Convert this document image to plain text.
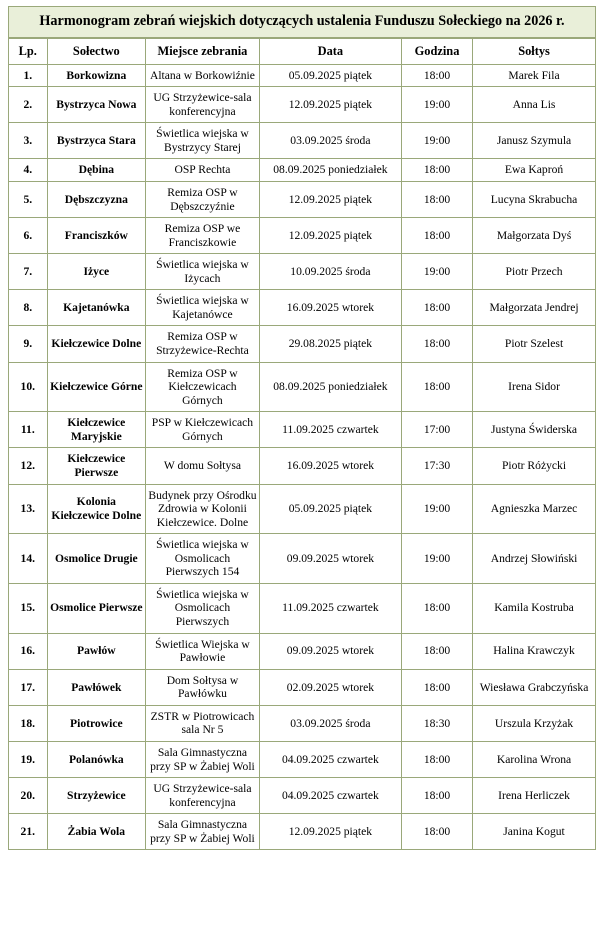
Harmonogram zebrań wiejskich dotyczących ustalenia Funduszu Sołeckiego na 2026 r.
Lp.	Sołectwo	Miejsce zebrania	Data	Godzina	Sołtys
1.	Borkowizna	Altana w Borkowiźnie	05.09.2025 piątek	18:00	Marek Fila
2.	Bystrzyca Nowa	UG Strzyżewice-sala konferencyjna	12.09.2025 piątek	19:00	Anna Lis
3.	Bystrzyca Stara	Świetlica wiejska w Bystrzycy Starej	03.09.2025 środa	19:00	Janusz Szymula
4.	Dębina	OSP Rechta	08.09.2025 poniedziałek	18:00	Ewa Kaproń
5.	Dębszczyzna	Remiza OSP w Dębszczyźnie	12.09.2025 piątek	18:00	Lucyna Skrabucha
6.	Franciszków	Remiza OSP we Franciszkowie	12.09.2025 piątek	18:00	Małgorzata Dyś
7.	Iżyce	Świetlica wiejska w Iżycach	10.09.2025 środa	19:00	Piotr Przech
8.	Kajetanówka	Świetlica wiejska w Kajetanówce	16.09.2025 wtorek	18:00	Małgorzata Jendrej
9.	Kiełczewice Dolne	Remiza OSP w Strzyżewice-Rechta	29.08.2025 piątek	18:00	Piotr Szelest
10.	Kiełczewice Górne	Remiza OSP w Kiełczewicach Górnych	08.09.2025 poniedziałek	18:00	Irena Sidor
11.	Kiełczewice Maryjskie	PSP w Kiełczewicach Górnych	11.09.2025 czwartek	17:00	Justyna Świderska
12.	Kiełczewice Pierwsze	W domu Sołtysa	16.09.2025 wtorek	17:30	Piotr Różycki
13.	Kolonia Kiełczewice Dolne	Budynek przy Ośrodku Zdrowia w Kolonii Kiełczewice. Dolne	05.09.2025 piątek	19:00	Agnieszka Marzec
14.	Osmolice Drugie	Świetlica wiejska w Osmolicach Pierwszych 154	09.09.2025 wtorek	19:00	Andrzej Słowiński
15.	Osmolice Pierwsze	Świetlica wiejska w Osmolicach Pierwszych	11.09.2025 czwartek	18:00	Kamila Kostruba
16.	Pawłów	Świetlica Wiejska w Pawłowie	09.09.2025 wtorek	18:00	Halina Krawczyk
17.	Pawłówek	Dom Sołtysa w Pawłówku	02.09.2025 wtorek	18:00	Wiesława Grabczyńska
18.	Piotrowice	ZSTR w Piotrowicach sala Nr 5	03.09.2025 środa	18:30	Urszula Krzyżak
19.	Polanówka	Sala Gimnastyczna przy SP w Żabiej Woli	04.09.2025 czwartek	18:00	Karolina Wrona
20.	Strzyżewice	UG Strzyżewice-sala konferencyjna	04.09.2025 czwartek	18:00	Irena Herliczek
21.	Żabia Wola	Sala Gimnastyczna przy SP w Żabiej Woli	12.09.2025 piątek	18:00	Janina Kogut
